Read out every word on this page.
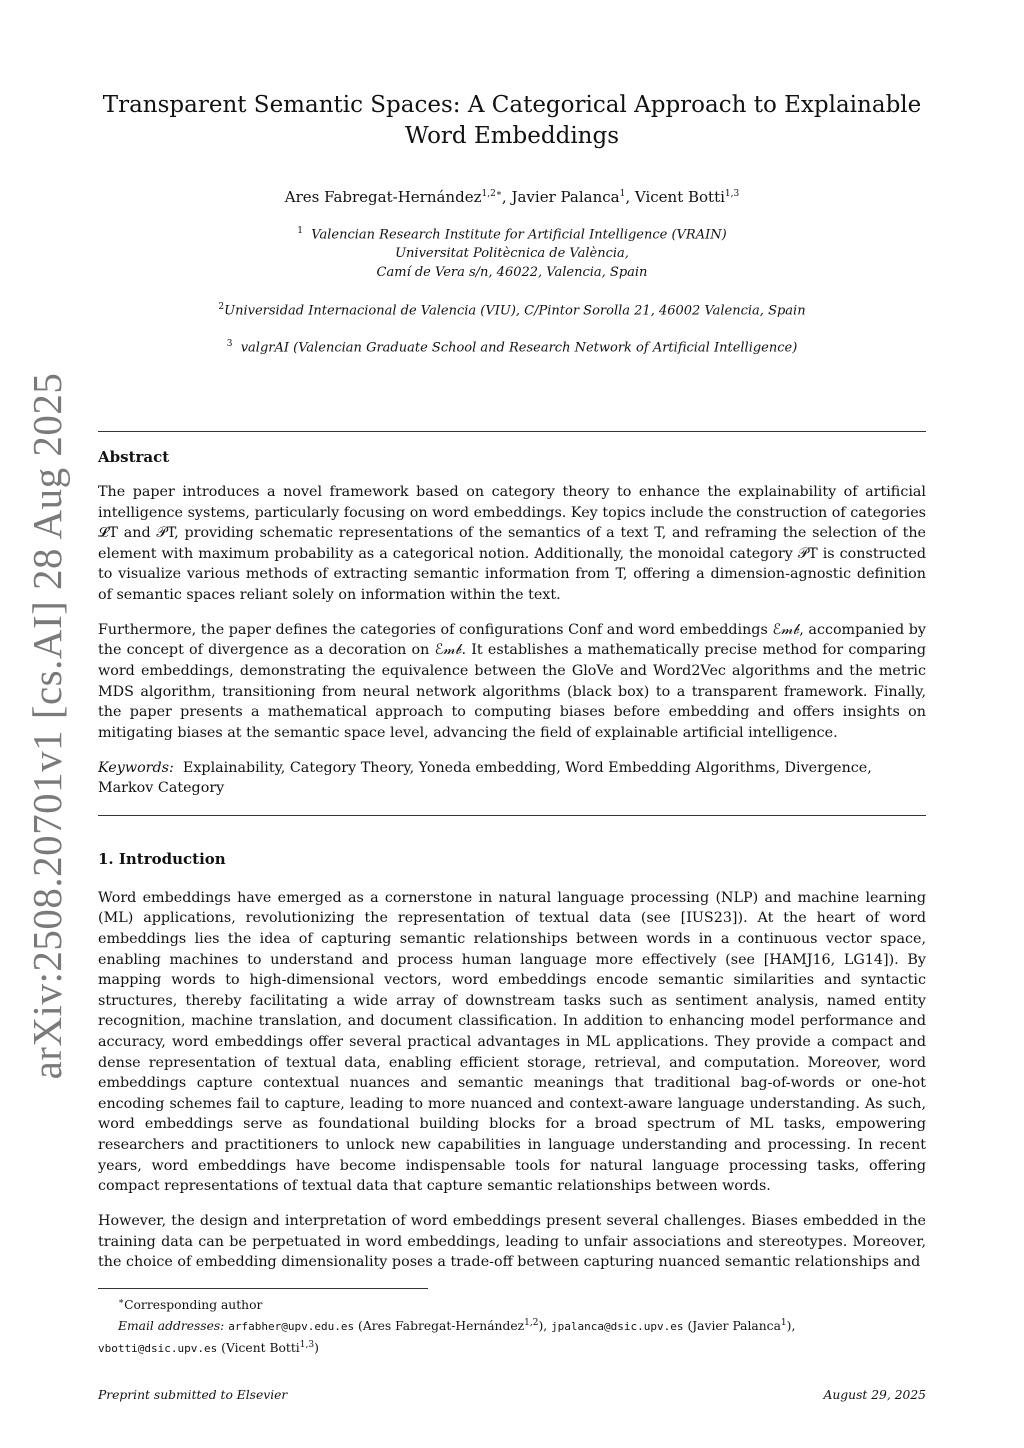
arXiv:2508.20701v1 [cs.AI] 28 Aug 2025
Transparent Semantic Spaces: A Categorical Approach to Explainable Word Embeddings
Ares Fabregat-Hernández$^{1,2∗}$, Javier Palanca$^1$, Vicent Botti$^{1,3}$
$^1$ Valencian Research Institute for Artificial Intelligence (VRAIN)
Universitat Politècnica de València,
Camí de Vera s/n, 46022, Valencia, Spain
$^2$Universidad Internacional de Valencia (VIU), C/Pintor Sorolla 21, 46002 Valencia, Spain
$^3$ valgrAI (Valencian Graduate School and Research Network of Artificial Intelligence)
Abstract

The paper introduces a novel framework based on category theory to enhance the explainability of artificial intelligence systems, particularly focusing on word embeddings. Key topics include the construction of categories 𝓛T and 𝒫T, providing schematic representations of the semantics of a text T, and reframing the selection of the element with maximum probability as a categorical notion. Additionally, the monoidal category 𝒫T is constructed to visualize various methods of extracting semantic information from T, offering a dimension-agnostic definition of semantic spaces reliant solely on information within the text.

Furthermore, the paper defines the categories of configurations Conf and word embeddings ℰ𝓂𝒷, accompanied by the concept of divergence as a decoration on ℰ𝓂𝒷. It establishes a mathematically precise method for comparing word embeddings, demonstrating the equivalence between the GloVe and Word2Vec algorithms and the metric MDS algorithm, transitioning from neural network algorithms (black box) to a transparent framework. Finally, the paper presents a mathematical approach to computing biases before embedding and offers insights on mitigating biases at the semantic space level, advancing the field of explainable artificial intelligence.

Keywords: Explainability, Category Theory, Yoneda embedding, Word Embedding Algorithms, Divergence, Markov Category
1. Introduction

Word embeddings have emerged as a cornerstone in natural language processing (NLP) and machine learning (ML) applications, revolutionizing the representation of textual data (see [IUS23]). At the heart of word embeddings lies the idea of capturing semantic relationships between words in a continuous vector space, enabling machines to understand and process human language more effectively (see [HAMJ16, LG14]). By mapping words to high-dimensional vectors, word embeddings encode semantic similarities and syntactic structures, thereby facilitating a wide array of downstream tasks such as sentiment analysis, named entity recognition, machine translation, and document classification. In addition to enhancing model performance and accuracy, word embeddings offer several practical advantages in ML applications. They provide a compact and dense representation of textual data, enabling efficient storage, retrieval, and computation. Moreover, word embeddings capture contextual nuances and semantic meanings that traditional bag-of-words or one-hot encoding schemes fail to capture, leading to more nuanced and context-aware language understanding. As such, word embeddings serve as foundational building blocks for a broad spectrum of ML tasks, empowering researchers and practitioners to unlock new capabilities in language understanding and processing. In recent years, word embeddings have become indispensable tools for natural language processing tasks, offering compact representations of textual data that capture semantic relationships between words.

However, the design and interpretation of word embeddings present several challenges. Biases embedded in the training data can be perpetuated in word embeddings, leading to unfair associations and stereotypes. Moreover, the choice of embedding dimensionality poses a trade-off between capturing nuanced semantic relationships and

∗Corresponding author
Email addresses: arfabher@upv.edu.es (Ares Fabregat-Hernández$^{1,2}$), jpalanca@dsic.upv.es (Javier Palanca$^1$),
vbotti@dsic.upv.es (Vicent Botti$^{1,3}$)
Preprint submitted to Elsevier	August 29, 2025
